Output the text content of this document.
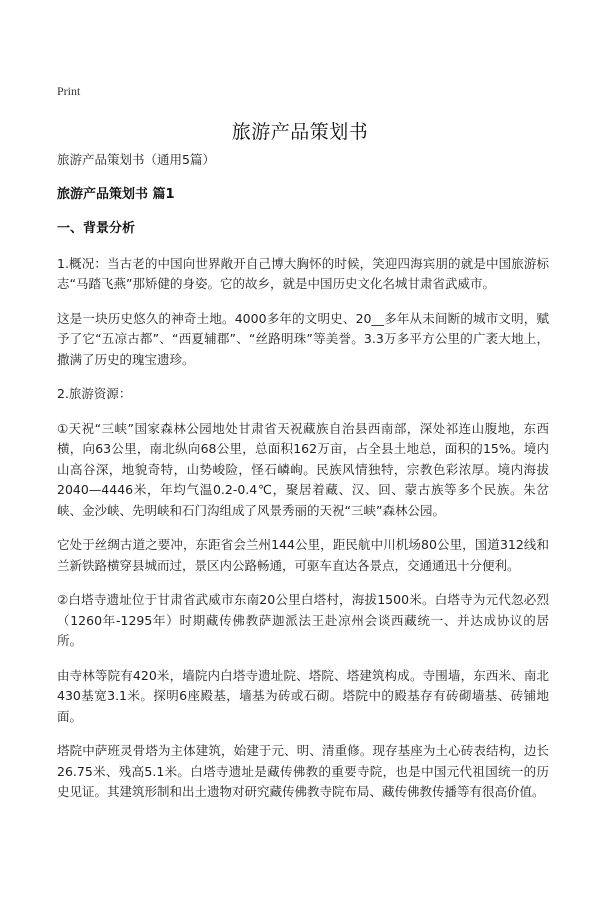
Print
旅游产品策划书

旅游产品策划书（通用5篇）

旅游产品策划书 篇1

一、背景分析

1.概况：当古老的中国向世界敞开自己博大胸怀的时候，笑迎四海宾朋的就是中国旅游标志“马踏飞燕”那矫健的身姿。它的故乡，就是中国历史文化名城甘肃省武威市。

这是一块历史悠久的神奇土地。4000多年的文明史、20__多年从未间断的城市文明，赋予了它“五凉古都”、“西夏辅郡”、“丝路明珠”等美誉。3.3万多平方公里的广袤大地上，撒满了历史的瑰宝遗珍。

2.旅游资源：

①天祝“三峡”国家森林公园地处甘肃省天祝藏族自治县西南部，深处祁连山腹地，东西横，向63公里，南北纵向68公里，总面积162万亩，占全县土地总，面积的15%。境内山高谷深，地貌奇特，山势峻险，怪石嶙峋。民族风情独特，宗教色彩浓厚。境内海拔2040—4446米，年均气温0.2-0.4℃，聚居着藏、汉、回、蒙古族等多个民族。朱岔峡、金沙峡、先明峡和石门沟组成了风景秀丽的天祝“三峡”森林公园。

它处于丝绸古道之要冲，东距省会兰州144公里，距民航中川机场80公里，国道312线和兰新铁路横穿县城而过，景区内公路畅通，可驱车直达各景点，交通通迅十分便利。

②白塔寺遗址位于甘肃省武威市东南20公里白塔村，海拔1500米。白塔寺为元代忽必烈（1260年-1295年）时期藏传佛教萨迦派法王赴凉州会谈西藏统一、并达成协议的居所。

由寺林等院有420米，墙院内白塔寺遗址院、塔院、塔建筑构成。寺围墙，东西米、南北430基宽3.1米。探明6座殿基，墙基为砖或石砌。塔院中的殿基存有砖砌墙基、砖铺地面。

塔院中萨班灵骨塔为主体建筑，始建于元、明、清重修。现存基座为土心砖表结构，边长26.75米、残高5.1米。白塔寺遗址是藏传佛教的重要寺院，也是中国元代祖国统一的历史见证。其建筑形制和出土遗物对研究藏传佛教寺院布局、藏传佛教传播等有很高价值。
